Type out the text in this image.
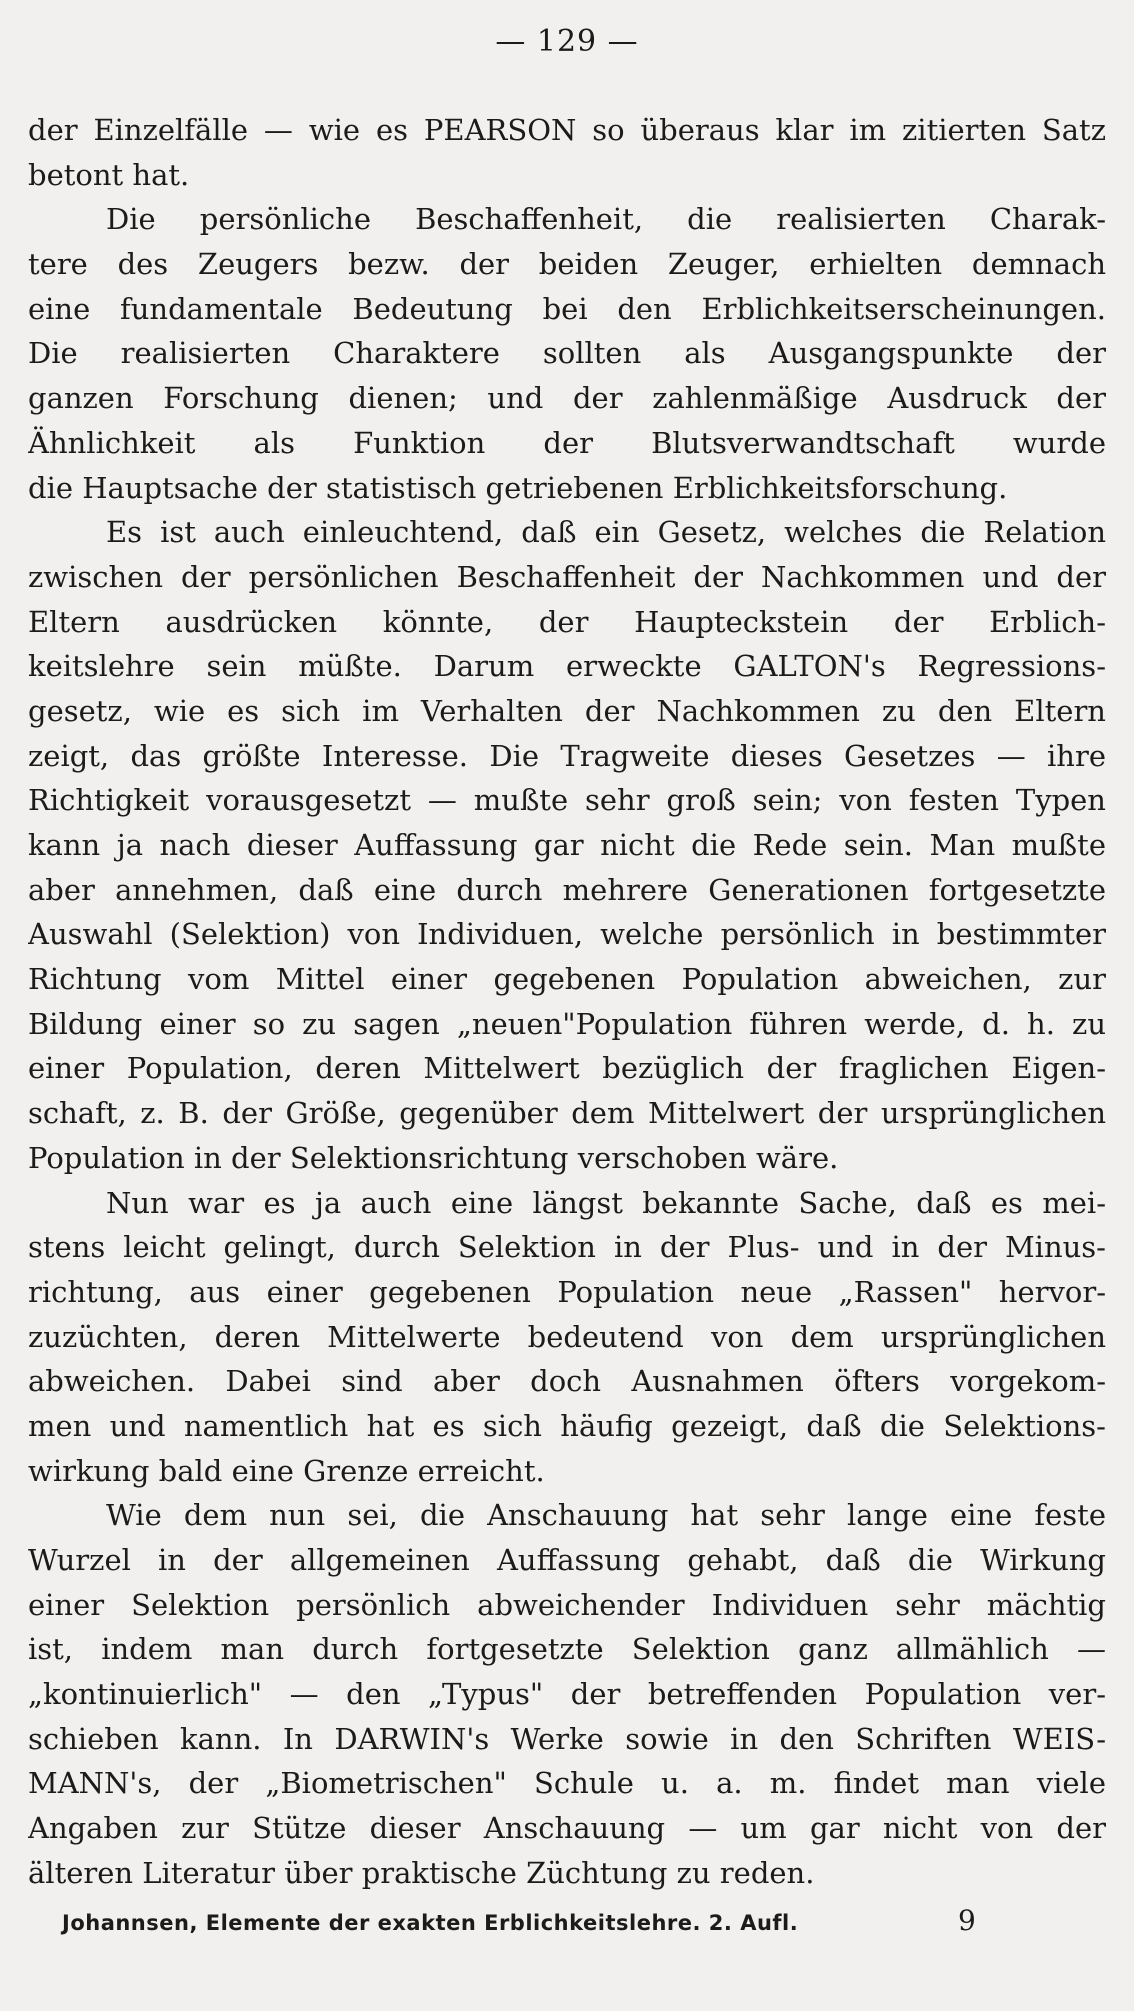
— 129 —
der Einzelfälle — wie es PEARSON so überaus klar im zitierten Satz
betont hat.
Die persönliche Beschaffenheit, die realisierten Charak-
tere des Zeugers bezw. der beiden Zeuger, erhielten demnach
eine fundamentale Bedeutung bei den Erblichkeitserscheinungen.
Die realisierten Charaktere sollten als Ausgangspunkte der
ganzen Forschung dienen; und der zahlenmäßige Ausdruck der
Ähnlichkeit als Funktion der Blutsverwandtschaft wurde
die Hauptsache der statistisch getriebenen Erblichkeitsforschung.
Es ist auch einleuchtend, daß ein Gesetz, welches die Relation
zwischen der persönlichen Beschaffenheit der Nachkommen und der
Eltern ausdrücken könnte, der Haupteckstein der Erblich-
keitslehre sein müßte. Darum erweckte GALTON's Regressions-
gesetz, wie es sich im Verhalten der Nachkommen zu den Eltern
zeigt, das größte Interesse. Die Tragweite dieses Gesetzes — ihre
Richtigkeit vorausgesetzt — mußte sehr groß sein; von festen Typen
kann ja nach dieser Auffassung gar nicht die Rede sein. Man mußte
aber annehmen, daß eine durch mehrere Generationen fortgesetzte
Auswahl (Selektion) von Individuen, welche persönlich in bestimmter
Richtung vom Mittel einer gegebenen Population abweichen, zur
Bildung einer so zu sagen „neuen"Population führen werde, d. h. zu
einer Population, deren Mittelwert bezüglich der fraglichen Eigen-
schaft, z. B. der Größe, gegenüber dem Mittelwert der ursprünglichen
Population in der Selektionsrichtung verschoben wäre.
Nun war es ja auch eine längst bekannte Sache, daß es mei-
stens leicht gelingt, durch Selektion in der Plus- und in der Minus-
richtung, aus einer gegebenen Population neue „Rassen" hervor-
zuzüchten, deren Mittelwerte bedeutend von dem ursprünglichen
abweichen. Dabei sind aber doch Ausnahmen öfters vorgekom-
men und namentlich hat es sich häufig gezeigt, daß die Selektions-
wirkung bald eine Grenze erreicht.
Wie dem nun sei, die Anschauung hat sehr lange eine feste
Wurzel in der allgemeinen Auffassung gehabt, daß die Wirkung
einer Selektion persönlich abweichender Individuen sehr mächtig
ist, indem man durch fortgesetzte Selektion ganz allmählich —
„kontinuierlich" — den „Typus" der betreffenden Population ver-
schieben kann. In DARWIN's Werke sowie in den Schriften WEIS-
MANN's, der „Biometrischen" Schule u. a. m. findet man viele
Angaben zur Stütze dieser Anschauung — um gar nicht von der
älteren Literatur über praktische Züchtung zu reden.
Johannsen, Elemente der exakten Erblichkeitslehre. 2. Aufl.	9
